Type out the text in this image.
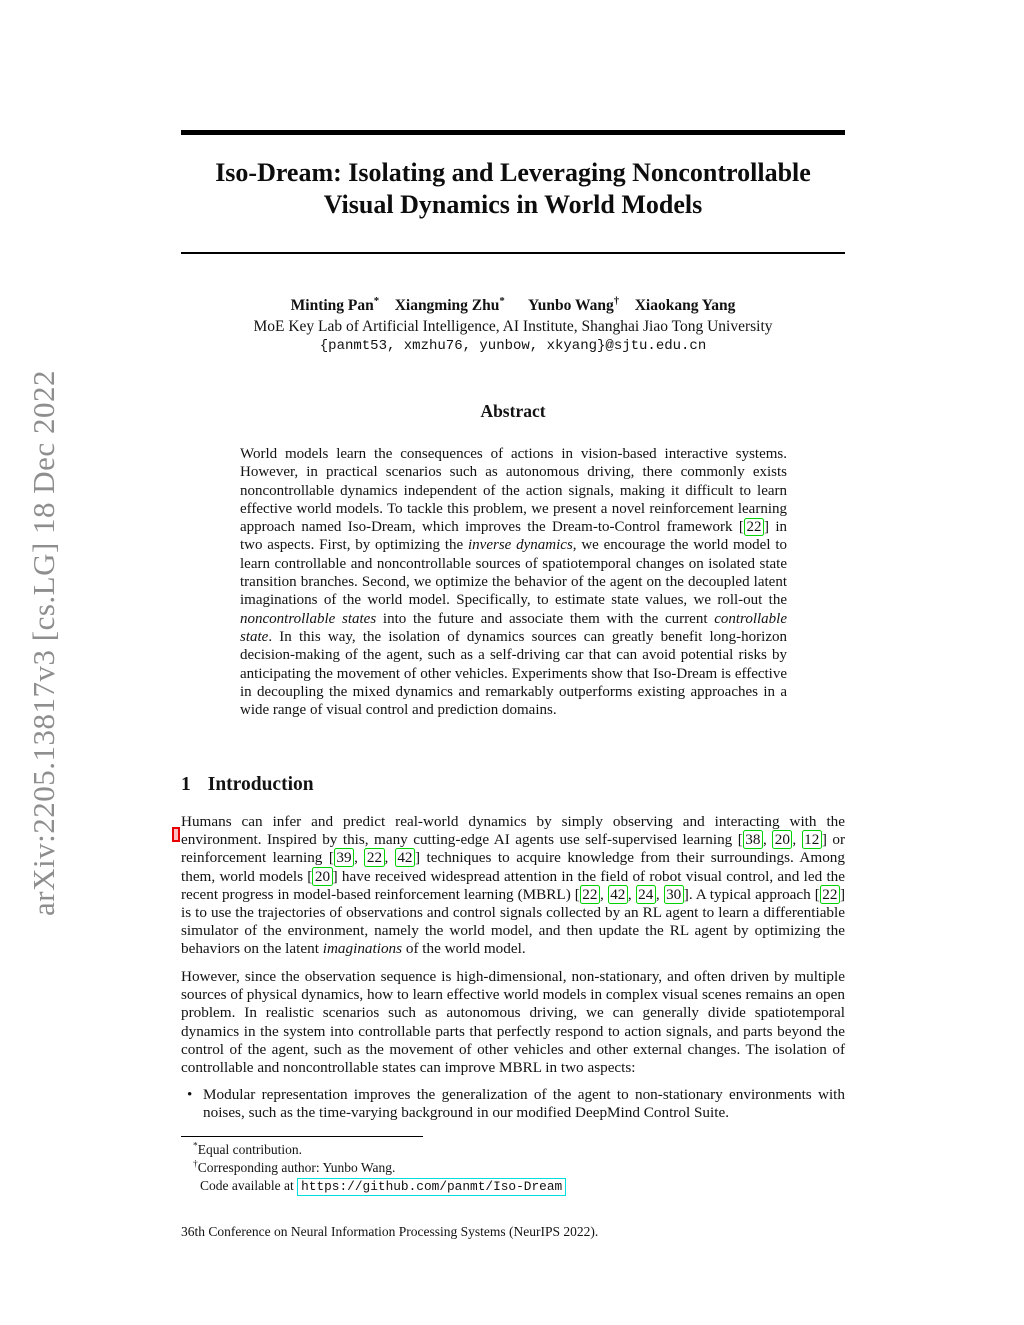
arXiv:2205.13817v3 [cs.LG] 18 Dec 2022
Iso-Dream: Isolating and Leveraging Noncontrollable
Visual Dynamics in World Models
Minting Pan* Xiangming Zhu*  Yunbo Wang† Xiaokang Yang
MoE Key Lab of Artificial Intelligence, AI Institute, Shanghai Jiao Tong University
{panmt53, xmzhu76, yunbow, xkyang}@sjtu.edu.cn
Abstract

World models learn the consequences of actions in vision-based interactive systems. However, in practical scenarios such as autonomous driving, there commonly exists noncontrollable dynamics independent of the action signals, making it difficult to learn effective world models. To tackle this problem, we present a novel reinforcement learning approach named Iso-Dream, which improves the Dream-to-Control framework [ 22 ] in two aspects. First, by optimizing the inverse dynamics, we encourage the world model to learn controllable and noncontrollable sources of spatiotemporal changes on isolated state transition branches. Second, we optimize the behavior of the agent on the decoupled latent imaginations of the world model. Specifically, to estimate state values, we roll-out the noncontrollable states into the future and associate them with the current controllable state. In this way, the isolation of dynamics sources can greatly benefit long-horizon decision-making of the agent, such as a self-driving car that can avoid potential risks by anticipating the movement of other vehicles. Experiments show that Iso-Dream is effective in decoupling the mixed dynamics and remarkably outperforms existing approaches in a wide range of visual control and prediction domains.

1 Introduction

Humans can infer and predict real-world dynamics by simply observing and interacting with the environment. Inspired by this, many cutting-edge AI agents use self-supervised learning [ 38 , 20 , 12 ] or reinforcement learning [ 39 , 22 , 42 ] techniques to acquire knowledge from their surroundings. Among them, world models [ 20 ] have received widespread attention in the field of robot visual control, and led the recent progress in model-based reinforcement learning (MBRL) [ 22 , 42 , 24 , 30 ]. A typical approach [ 22 ] is to use the trajectories of observations and control signals collected by an RL agent to learn a differentiable simulator of the environment, namely the world model, and then update the RL agent by optimizing the behaviors on the latent imaginations of the world model.

However, since the observation sequence is high-dimensional, non-stationary, and often driven by multiple sources of physical dynamics, how to learn effective world models in complex visual scenes remains an open problem. In realistic scenarios such as autonomous driving, we can generally divide spatiotemporal dynamics in the system into controllable parts that perfectly respond to action signals, and parts beyond the control of the agent, such as the movement of other vehicles and other external changes. The isolation of controllable and noncontrollable states can improve MBRL in two aspects:

• Modular representation improves the generalization of the agent to non-stationary environments with noises, such as the time-varying background in our modified DeepMind Control Suite.
*Equal contribution.
†Corresponding author: Yunbo Wang.
Code available at https://github.com/panmt/Iso-Dream
36th Conference on Neural Information Processing Systems (NeurIPS 2022).
